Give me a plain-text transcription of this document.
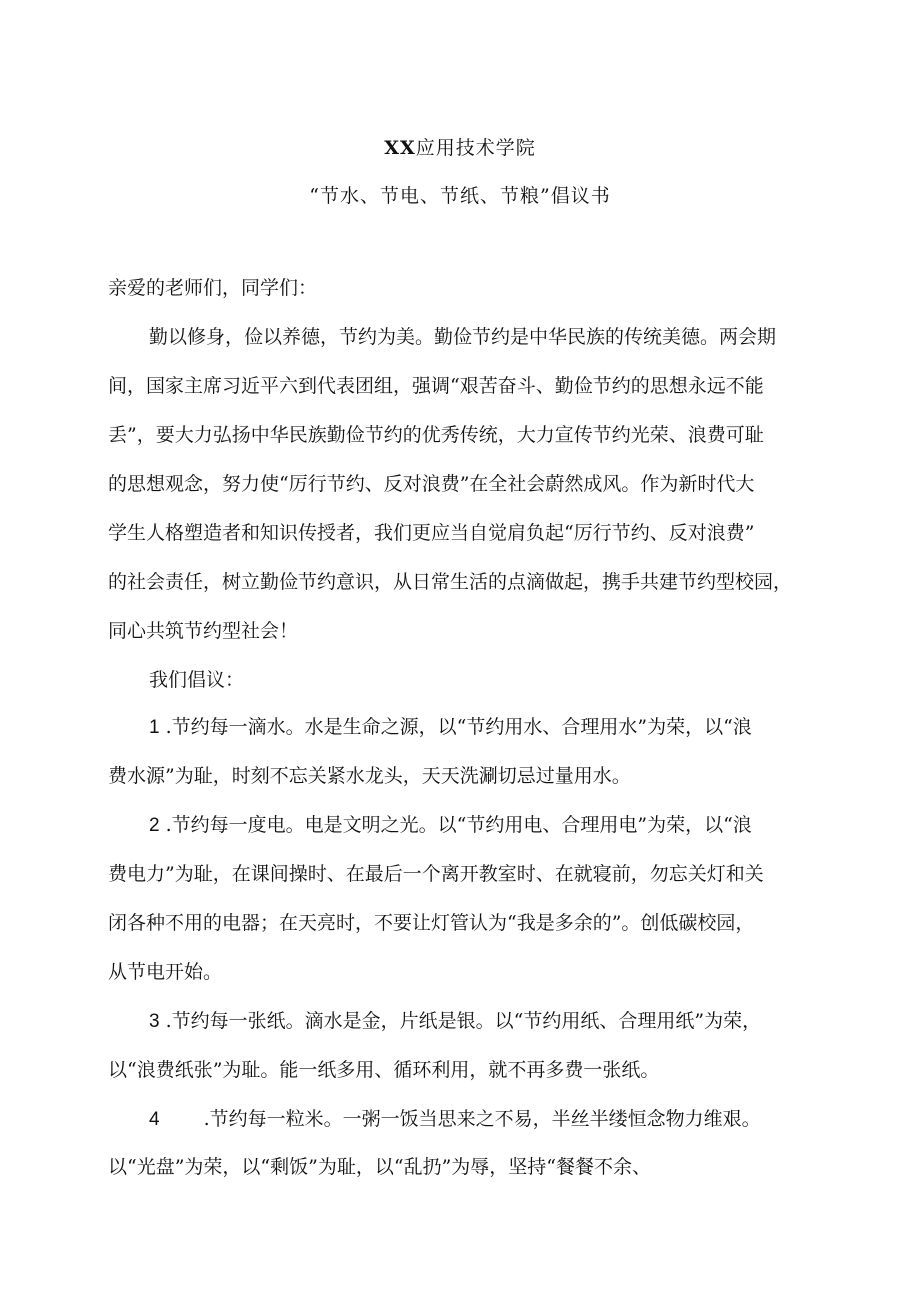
XX应用技术学院
“节水、节电、节纸、节粮”倡议书
亲爱的老师们，同学们：
勤以修身，俭以养德，节约为美。勤俭节约是中华民族的传统美德。两会期
间，国家主席习近平六到代表团组，强调“艰苦奋斗、勤俭节约的思想永远不能
丢”，要大力弘扬中华民族勤俭节约的优秀传统，大力宣传节约光荣、浪费可耻
的思想观念，努力使“厉行节约、反对浪费”在全社会蔚然成风。作为新时代大
学生人格塑造者和知识传授者，我们更应当自觉肩负起“厉行节约、反对浪费”
的社会责任，树立勤俭节约意识，从日常生活的点滴做起，携手共建节约型校园，
同心共筑节约型社会！
我们倡议：
1 .节约每一滴水。水是生命之源，以“节约用水、合理用水”为荣，以“浪
费水源”为耻，时刻不忘关紧水龙头，天天洗涮切忌过量用水。
2 .节约每一度电。电是文明之光。以“节约用电、合理用电”为荣，以“浪
费电力”为耻，在课间操时、在最后一个离开教室时、在就寝前，勿忘关灯和关
闭各种不用的电器；在天亮时，不要让灯管认为“我是多余的”。创低碳校园，
从节电开始。
3 .节约每一张纸。滴水是金，片纸是银。以“节约用纸、合理用纸”为荣，
以“浪费纸张”为耻。能一纸多用、循环利用，就不再多费一张纸。
4 .节约每一粒米。一粥一饭当思来之不易，半丝半缕恒念物力维艰。
以“光盘”为荣，以“剩饭”为耻，以“乱扔”为辱，坚持“餐餐不余、
